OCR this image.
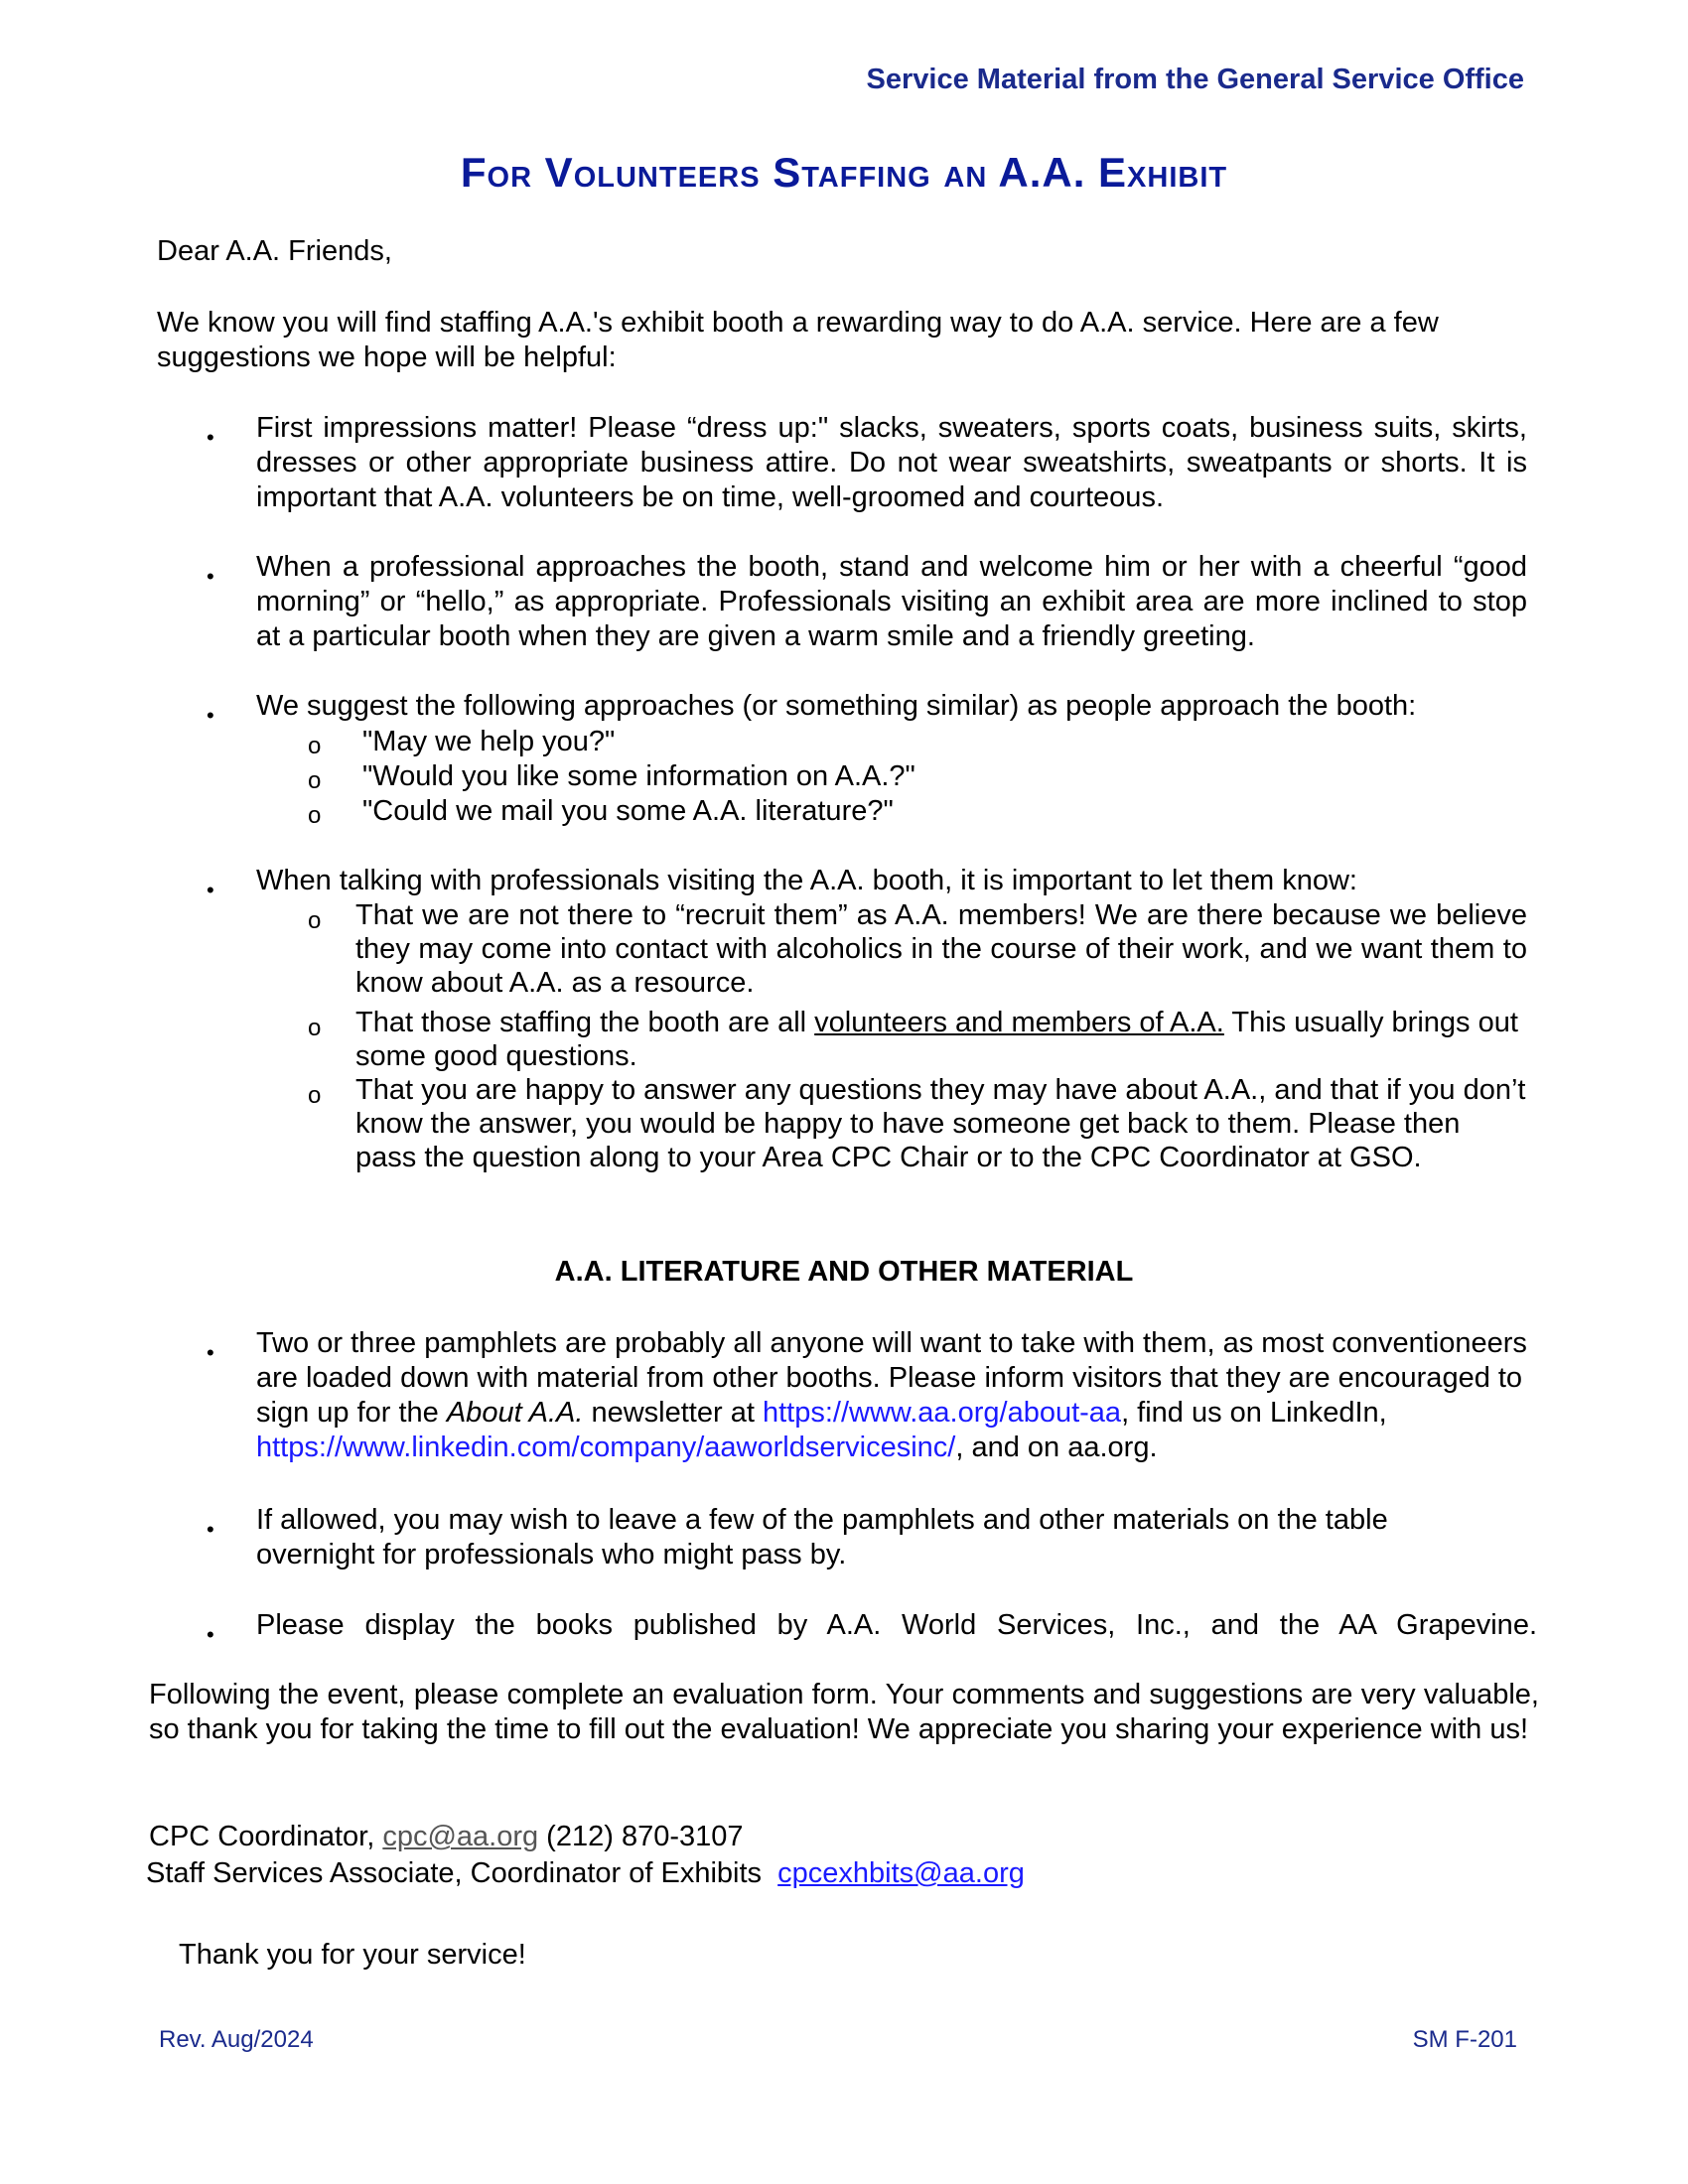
Service Material from the General Service Office
For Volunteers Staffing an A.A. Exhibit
Dear A.A. Friends,
We know you will find staffing A.A.'s exhibit booth a rewarding way to do A.A. service. Here are a few suggestions we hope will be helpful:
•
First impressions matter! Please “dress up:" slacks, sweaters, sports coats, business suits, skirts, dresses or other appropriate business attire. Do not wear sweatshirts, sweatpants or shorts. It is important that A.A. volunteers be on time, well-groomed and courteous.
•
When a professional approaches the booth, stand and welcome him or her with a cheerful “good morning” or “hello,” as appropriate. Professionals visiting an exhibit area are more inclined to stop at a particular booth when they are given a warm smile and a friendly greeting.
•
We suggest the following approaches (or something similar) as people approach the booth:
o
"May we help you?"
o
"Would you like some information on A.A.?"
o
"Could we mail you some A.A. literature?"
•
When talking with professionals visiting the A.A. booth, it is important to let them know:
o
That we are not there to “recruit them” as A.A. members! We are there because we believe they may come into contact with alcoholics in the course of their work, and we want them to know about A.A. as a resource.
o
That those staffing the booth are all volunteers and members of A.A. This usually brings out some good questions.
o
That you are happy to answer any questions they may have about A.A., and that if you don’t know the answer, you would be happy to have someone get back to them. Please then pass the question along to your Area CPC Chair or to the CPC Coordinator at GSO.
A.A. LITERATURE AND OTHER MATERIAL
•
Two or three pamphlets are probably all anyone will want to take with them, as most conventioneers are loaded down with material from other booths. Please inform visitors that they are encouraged to sign up for the About A.A. newsletter at https://www.aa.org/about-aa, find us on LinkedIn, https://www.linkedin.com/company/aaworldservicesinc/, and on aa.org.
•
If allowed, you may wish to leave a few of the pamphlets and other materials on the table overnight for professionals who might pass by.
•
Please display the books published by A.A. World Services, Inc., and the AA Grapevine.
Following the event, please complete an evaluation form. Your comments and suggestions are very valuable, so thank you for taking the time to fill out the evaluation! We appreciate you sharing your experience with us!
CPC Coordinator, cpc@aa.org (212) 870-3107
Staff Services Associate, Coordinator of Exhibits  cpcexhbits@aa.org
Thank you for your service!
Rev. Aug/2024	SM F-201
